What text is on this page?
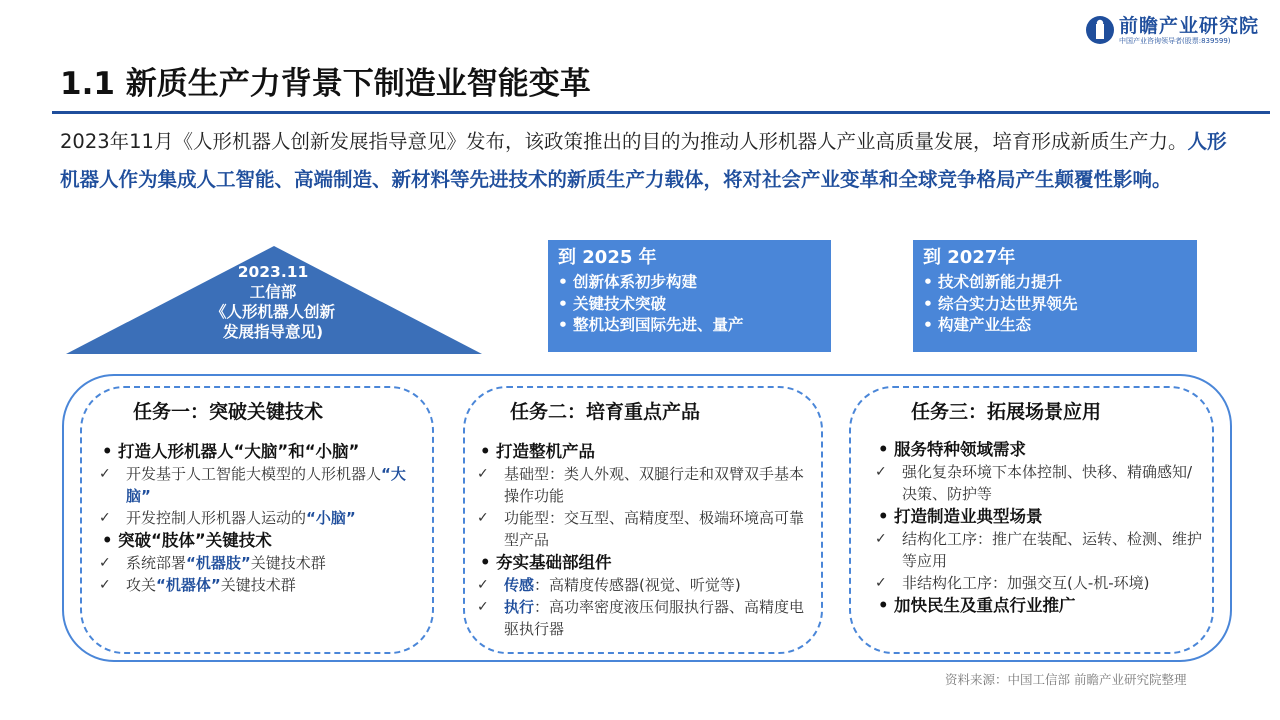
前瞻产业研究院
中国产业咨询领导者(股票:839599)
1.1 新质生产力背景下制造业智能变革

2023年11月《人形机器人创新发展指导意见》发布，该政策推出的目的为推动人形机器人产业高质量发展，培育形成新质生产力。人形机器人作为集成人工智能、高端制造、新材料等先进技术的新质生产力载体，将对社会产业变革和全球竞争格局产生颠覆性影响。

2023.11
工信部
《人形机器人创新
发展指导意见)
到 2025 年
• 创新体系初步构建
• 关键技术突破
• 整机达到国际先进、量产
到 2027年
• 技术创新能力提升
• 综合实力达世界领先
• 构建产业生态
任务一：突破关键技术	任务二：培育重点产品	任务三：拓展场景应用
• 打造人形机器人“大脑”和“小脑”
✓ 开发基于人工智能大模型的人形机器人“大脑”
✓ 开发控制人形机器人运动的“小脑”
• 突破“肢体”关键技术
✓ 系统部署“机器肢”关键技术群
✓ 攻关“机器体”关键技术群
• 打造整机产品
✓ 基础型：类人外观、双腿行走和双臂双手基本操作功能
✓ 功能型：交互型、高精度型、极端环境高可靠型产品
• 夯实基础部组件
✓ 传感：高精度传感器(视觉、听觉等)
✓ 执行：高功率密度液压伺服执行器、高精度电驱执行器
• 服务特种领域需求
✓ 强化复杂环境下本体控制、快移、精确感知/决策、防护等
• 打造制造业典型场景
✓ 结构化工序：推广在装配、运转、检测、维护等应用
✓ 非结构化工序：加强交互(人-机-环境)
• 加快民生及重点行业推广
资料来源：中国工信部 前瞻产业研究院整理
